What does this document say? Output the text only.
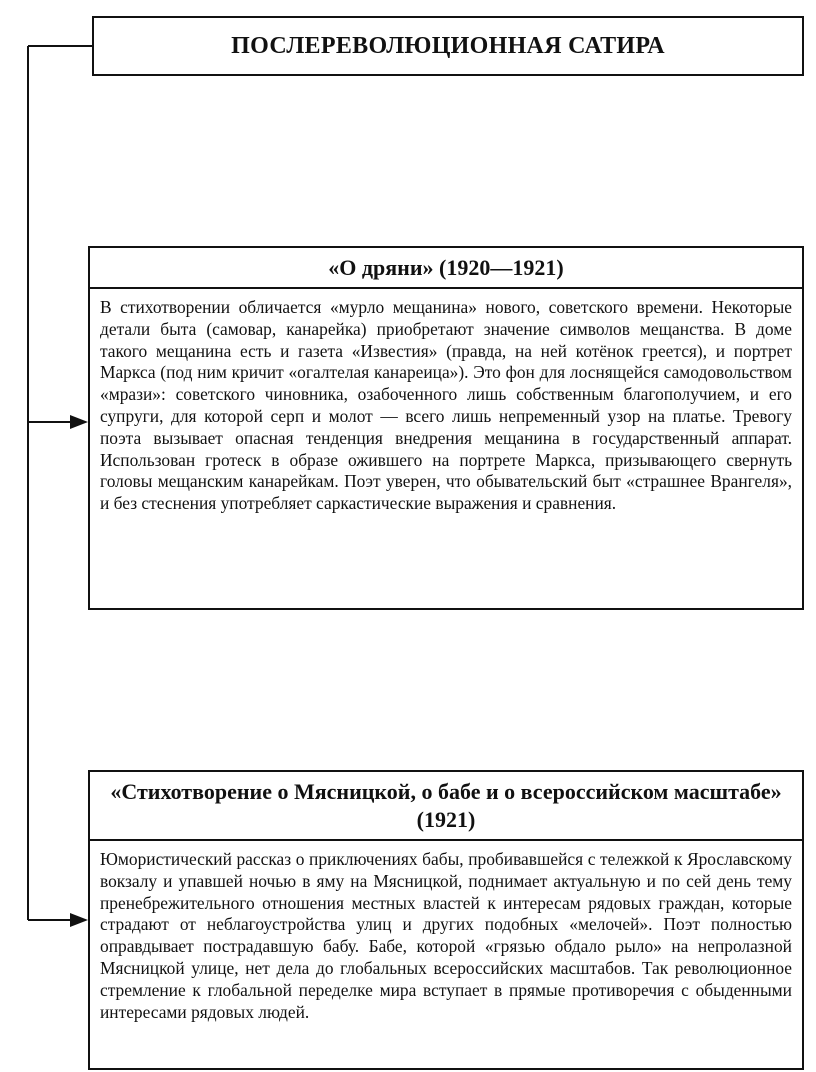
ПОСЛЕРЕВОЛЮЦИОННАЯ САТИРА
«О дряни» (1920—1921)
В стихотворении обличается «мурло мещанина» нового, советского времени. Некоторые детали быта (самовар, канарейка) приобретают значение символов мещанства. В доме такого мещанина есть и газета «Известия» (правда, на ней котёнок греется), и портрет Маркса (под ним кричит «огалтелая канареица»). Это фон для лоснящейся самодовольством «мрази»: советского чиновника, озабоченного лишь собственным благополучием, и его супруги, для которой серп и молот — всего лишь непременный узор на платье. Тревогу поэта вызывает опасная тенденция внедрения мещанина в государственный аппарат. Использован гротеск в образе ожившего на портрете Маркса, призывающего свернуть головы мещанским канарейкам. Поэт уверен, что обывательский быт «страшнее Врангеля», и без стеснения употребляет саркастические выражения и сравнения.
«Стихотворение о Мясницкой, о бабе и о всероссийском масштабе» (1921)
Юмористический рассказ о приключениях бабы, пробивавшейся с тележкой к Ярославскому вокзалу и упавшей ночью в яму на Мясницкой, поднимает актуальную и по сей день тему пренебрежительного отношения местных властей к интересам рядовых граждан, которые страдают от неблагоустройства улиц и других подобных «мелочей». Поэт полностью оправдывает пострадавшую бабу. Бабе, которой «грязью обдало рыло» на непролазной Мясницкой улице, нет дела до глобальных всероссийских масштабов. Так революционное стремление к глобальной переделке мира вступает в прямые противоречия с обыденными интересами рядовых людей.
